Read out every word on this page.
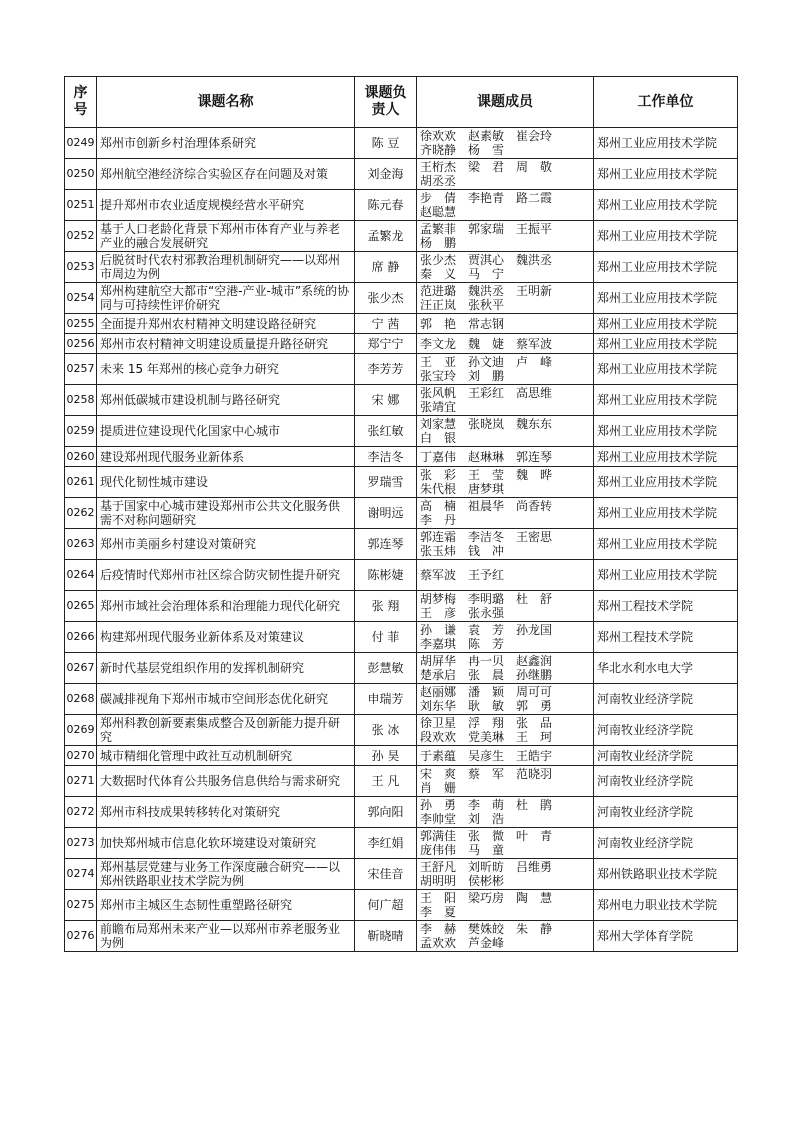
序号	课题名称	课题负责人	课题成员	工作单位
0249	郑州市创新乡村治理体系研究	陈 豆	徐欢欢　赵素敏　崔会玲
齐晓静　杨　雪	郑州工业应用技术学院
0250	郑州航空港经济综合实验区存在问题及对策	刘金海	王桁杰　梁　君　周　敬
胡丞丞	郑州工业应用技术学院
0251	提升郑州市农业适度规模经营水平研究	陈元春	步　倩　李艳青　路二霞
赵聪慧	郑州工业应用技术学院
0252	基于人口老龄化背景下郑州市体育产业与养老产业的融合发展研究	孟繁龙	孟繁菲　郭家瑞　王振平
杨　鹏	郑州工业应用技术学院
0253	后脱贫时代农村邪教治理机制研究——以郑州市周边为例	席 静	张少杰　贾淇心　魏洪丞
秦　义　马　宁	郑州工业应用技术学院
0254	郑州构建航空大都市“空港-产业-城市”系统的协同与可持续性评价研究	张少杰	范进璐　魏洪丞　王明新
汪正岚　张秋平	郑州工业应用技术学院
0255	全面提升郑州农村精神文明建设路径研究	宁 茜	郭　艳　常志钢	郑州工业应用技术学院
0256	郑州市农村精神文明建设质量提升路径研究	郑宁宁	李文龙　魏　婕　蔡军波	郑州工业应用技术学院
0257	未来 15 年郑州的核心竞争力研究	李芳芳	王　亚　孙文迪　卢　峰
张宝玲　刘　鹏	郑州工业应用技术学院
0258	郑州低碳城市建设机制与路径研究	宋 娜	张风帆　王彩红　高思维
张靖宜	郑州工业应用技术学院
0259	提质进位建设现代化国家中心城市	张红敏	刘家慧　张晓岚　魏东东
白　银	郑州工业应用技术学院
0260	建设郑州现代服务业新体系	李洁冬	丁嘉伟　赵琳琳　郭连琴	郑州工业应用技术学院
0261	现代化韧性城市建设	罗瑞雪	张　彩　王　莹　魏　晔
朱代根　唐梦琪	郑州工业应用技术学院
0262	基于国家中心城市建设郑州市公共文化服务供需不对称问题研究	谢明远	高　楠　祖晨华　尚香转
李　丹	郑州工业应用技术学院
0263	郑州市美丽乡村建设对策研究	郭连琴	郭连霜　李洁冬　王密思
张玉炜　钱　冲	郑州工业应用技术学院
0264	后疫情时代郑州市社区综合防灾韧性提升研究	陈彬婕	蔡军波　王予红	郑州工业应用技术学院
0265	郑州市域社会治理体系和治理能力现代化研究	张 翔	胡梦梅　李明璐　杜　舒
王　彦　张永强	郑州工程技术学院
0266	构建郑州现代服务业新体系及对策建议	付 菲	孙　谦　袁　芳　孙龙国
李嘉琪　陈　芳	郑州工程技术学院
0267	新时代基层党组织作用的发挥机制研究	彭慧敏	胡屏华　冉一贝　赵鑫润
楚承启　张　晨　孙继鹏	华北水利水电大学
0268	碳减排视角下郑州市城市空间形态优化研究	申瑞芳	赵丽娜　潘　颖　周可可
刘东华　耿　敏　郭　勇	河南牧业经济学院
0269	郑州科教创新要素集成整合及创新能力提升研究	张 冰	徐卫星　浮　翔　张　品
段欢欢　党美琳　王　珂	河南牧业经济学院
0270	城市精细化管理中政社互动机制研究	孙 昊	于素蕴　吴彦生　王皓宇	河南牧业经济学院
0271	大数据时代体育公共服务信息供给与需求研究	王 凡	宋　爽　蔡　军　范晓羽
肖　姗	河南牧业经济学院
0272	郑州市科技成果转移转化对策研究	郭向阳	孙　勇　李　萌　杜　鹃
李帅堂　刘　浩	河南牧业经济学院
0273	加快郑州城市信息化软环境建设对策研究	李红娟	郭满佳　张　微　叶　青
庞伟伟　马　童	河南牧业经济学院
0274	郑州基层党建与业务工作深度融合研究——以郑州铁路职业技术学院为例	宋佳音	王舒凡　刘昕昉　吕维勇
胡明明　侯彬彬	郑州铁路职业技术学院
0275	郑州市主城区生态韧性重塑路径研究	何广超	王　阳　梁巧房　陶　慧
李　夏	郑州电力职业技术学院
0276	前瞻布局郑州未来产业—以郑州市养老服务业为例	靳晓晴	李　赫　樊姝皎　朱　静
孟欢欢　芦金峰	郑州大学体育学院
